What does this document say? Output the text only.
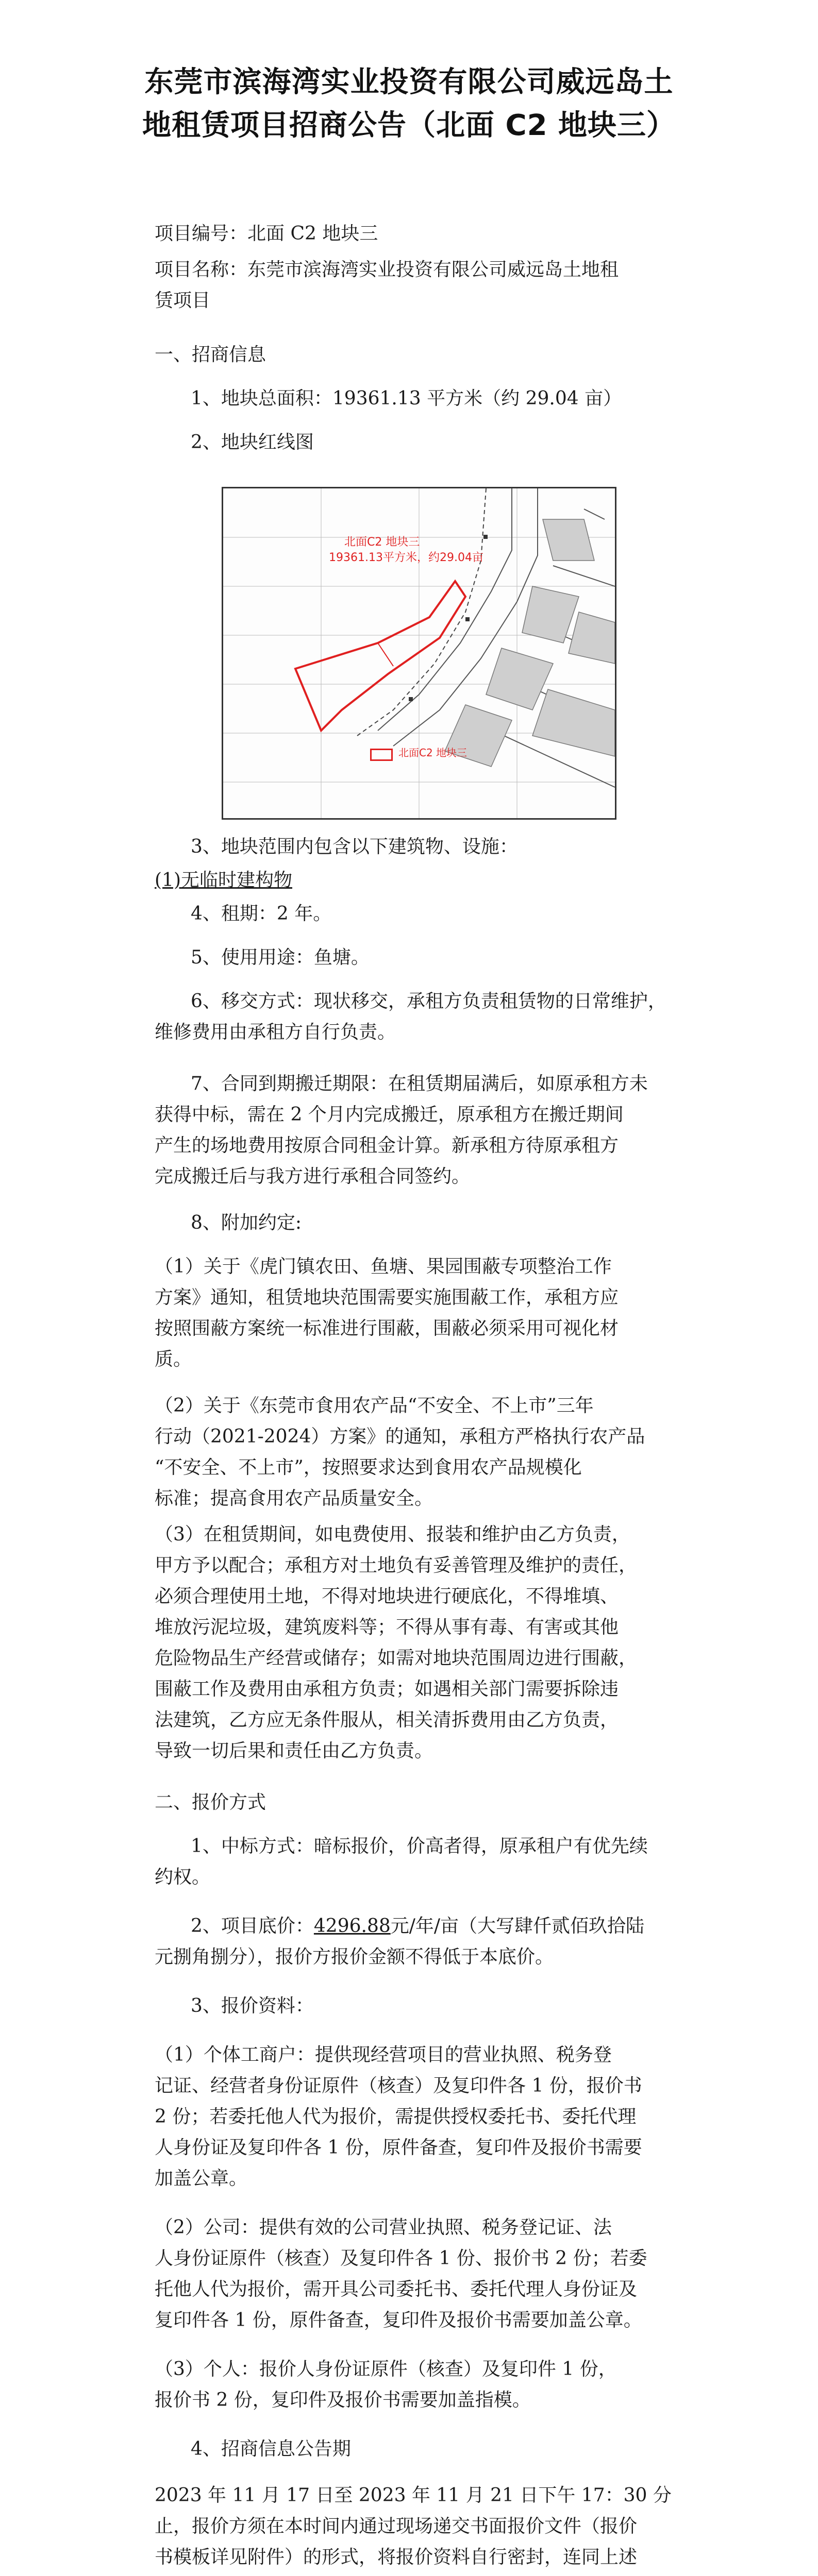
东莞市滨海湾实业投资有限公司威远岛土
地租赁项目招商公告（北面 C2 地块三）
项目编号：北面 C2 地块三
项目名称：东莞市滨海湾实业投资有限公司威远岛土地租
赁项目
一、招商信息
1、地块总面积：19361.13 平方米（约 29.04 亩）
2、地块红线图
北面C2 地块三
19361.13平方米，约29.04亩
北面C2 地块三
3、地块范围内包含以下建筑物、设施：
(1)无临时建构物
4、租期：2 年。
5、使用用途：鱼塘。
6、移交方式：现状移交，承租方负责租赁物的日常维护，
维修费用由承租方自行负责。
7、合同到期搬迁期限：在租赁期届满后，如原承租方未
获得中标，需在 2 个月内完成搬迁，原承租方在搬迁期间
产生的场地费用按原合同租金计算。新承租方待原承租方
完成搬迁后与我方进行承租合同签约。
8、附加约定:
（1）关于《虎门镇农田、鱼塘、果园围蔽专项整治工作
方案》通知，租赁地块范围需要实施围蔽工作，承租方应
按照围蔽方案统一标准进行围蔽，围蔽必须采用可视化材
质。
（2）关于《东莞市食用农产品“不安全、不上市”三年
行动（2021-2024）方案》的通知，承租方严格执行农产品
“不安全、不上市”，按照要求达到食用农产品规模化
标准；提高食用农产品质量安全。
（3）在租赁期间，如电费使用、报装和维护由乙方负责，
甲方予以配合；承租方对土地负有妥善管理及维护的责任，
必须合理使用土地，不得对地块进行硬底化，不得堆填、
堆放污泥垃圾，建筑废料等；不得从事有毒、有害或其他
危险物品生产经营或储存；如需对地块范围周边进行围蔽，
围蔽工作及费用由承租方负责；如遇相关部门需要拆除违
法建筑，乙方应无条件服从，相关清拆费用由乙方负责，
导致一切后果和责任由乙方负责。
二、报价方式
1、中标方式：暗标报价，价高者得，原承租户有优先续
约权。
2、项目底价：4296.88元/年/亩（大写肆仟贰佰玖拾陆
元捌角捌分），报价方报价金额不得低于本底价。
3、报价资料：
（1）个体工商户：提供现经营项目的营业执照、税务登
记证、经营者身份证原件（核查）及复印件各 1 份，报价书
2 份；若委托他人代为报价，需提供授权委托书、委托代理
人身份证及复印件各 1 份，原件备查，复印件及报价书需要
加盖公章。
（2）公司：提供有效的公司营业执照、税务登记证、法
人身份证原件（核查）及复印件各 1 份、报价书 2 份；若委
托他人代为报价，需开具公司委托书、委托代理人身份证及
复印件各 1 份，原件备查，复印件及报价书需要加盖公章。
（3）个人：报价人身份证原件（核查）及复印件 1 份，
报价书 2 份，复印件及报价书需要加盖指模。
4、招商信息公告期
2023 年 11 月 17 日至 2023 年 11 月 21 日下午 17：30 分
止，报价方须在本时间内通过现场递交书面报价文件（报价
书模板详见附件）的形式，将报价资料自行密封，连同上述
